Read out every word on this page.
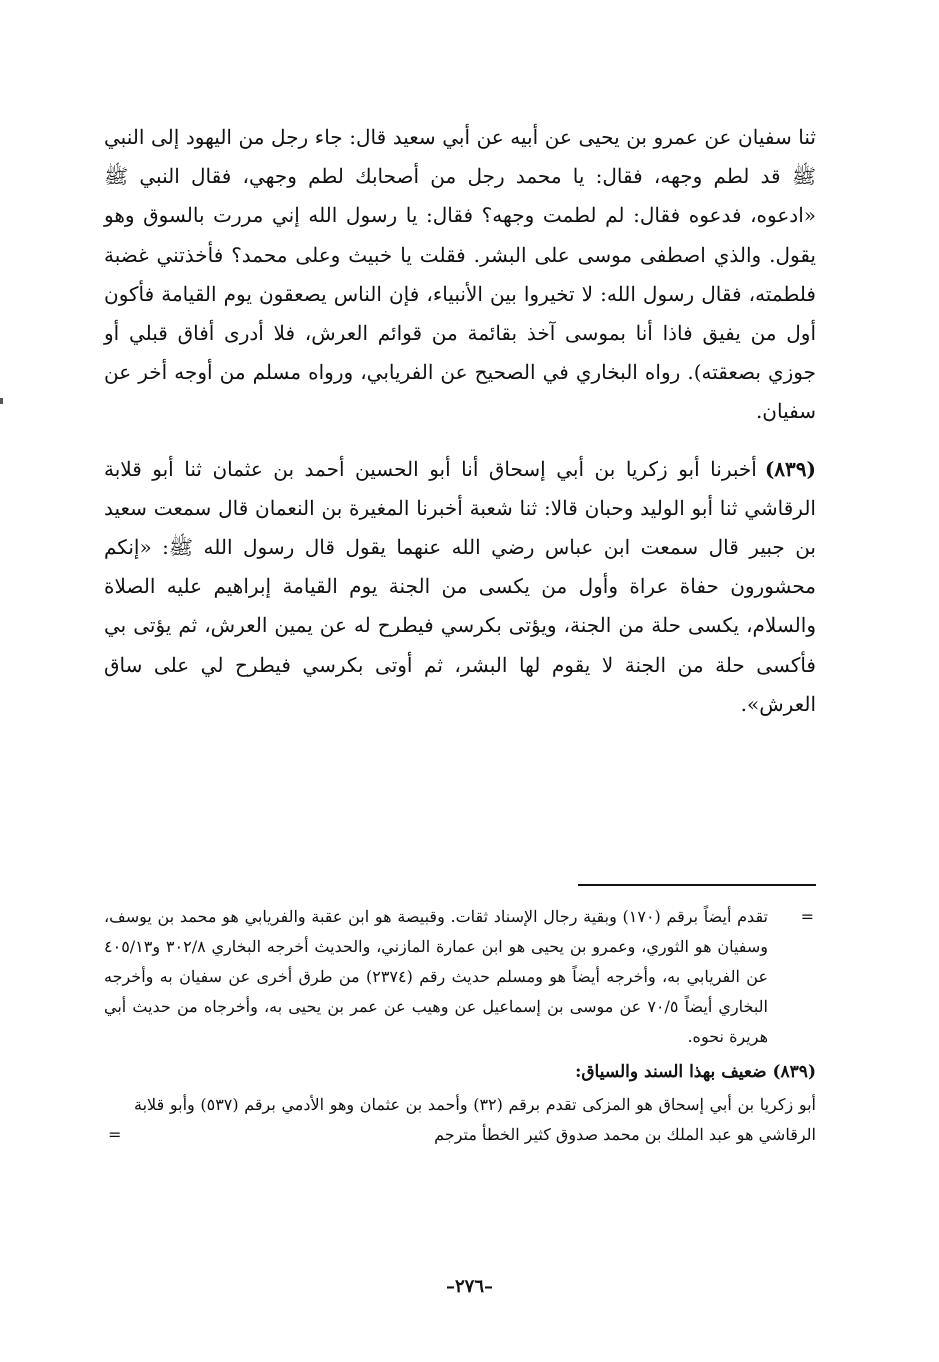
ثنا سفيان عن عمرو بن يحيى عن أبيه عن أبي سعيد قال: جاء رجل من اليهود إلى النبي ﷺ قد لطم وجهه، فقال: يا محمد رجل من أصحابك لطم وجهي، فقال النبي ﷺ «ادعوه، فدعوه فقال: لم لطمت وجهه؟ فقال: يا رسول الله إني مررت بالسوق وهو يقول. والذي اصطفى موسى على البشر. فقلت يا خبيث وعلى محمد؟ فأخذتني غضبة فلطمته، فقال رسول الله: لا تخيروا بين الأنبياء، فإن الناس يصعقون يوم القيامة فأكون أول من يفيق فاذا أنا بموسى آخذ بقائمة من قوائم العرش، فلا أدرى أفاق قبلي أو جوزي بصعقته). رواه البخاري في الصحيح عن الفريابي، ورواه مسلم من أوجه أخر عن سفيان.

(٨٣٩)أخبرنا أبو زكريا بن أبي إسحاق أنا أبو الحسين أحمد بن عثمان ثنا أبو قلابة الرقاشي ثنا أبو الوليد وحبان قالا: ثنا شعبة أخبرنا المغيرة بن النعمان قال سمعت سعيد بن جبير قال سمعت ابن عباس رضي الله عنهما يقول قال رسول الله ﷺ: «إنكم محشورون حفاة عراة وأول من يكسى من الجنة يوم القيامة إبراهيم عليه الصلاة والسلام، يكسى حلة من الجنة، ويؤتى بكرسي فيطرح له عن يمين العرش، ثم يؤتى بي فأكسى حلة من الجنة لا يقوم لها البشر، ثم أوتى بكرسي فيطرح لي على ساق العرش».

=
تقدم أيضاً برقم (١٧٠) وبقية رجال الإسناد ثقات. وقبيصة هو ابن عقبة والفريابي هو محمد بن يوسف، وسفيان هو الثوري، وعمرو بن يحيى هو ابن عمارة المازني، والحديث أخرجه البخاري ٣٠٢/٨ و٤٠٥/١٣ عن الفريابي به، وأخرجه أيضاً هو ومسلم حديث رقم (٢٣٧٤) من طرق أخرى عن سفيان به وأخرجه البخاري أيضاً ٧٠/٥ عن موسى بن إسماعيل عن وهيب عن عمر بن يحيى به، وأخرجاه من حديث أبي هريرة نحوه.

(٨٣٩) ضعيف بهذا السند والسياق:

أبو زكريا بن أبي إسحاق هو المزكى تقدم برقم (٣٢) وأحمد بن عثمان وهو الأدمي برقم (٥٣٧) وأبو قلابة الرقاشي هو عبد الملك بن محمد صدوق كثير الخطأ مترجم
=

–٢٧٦–
